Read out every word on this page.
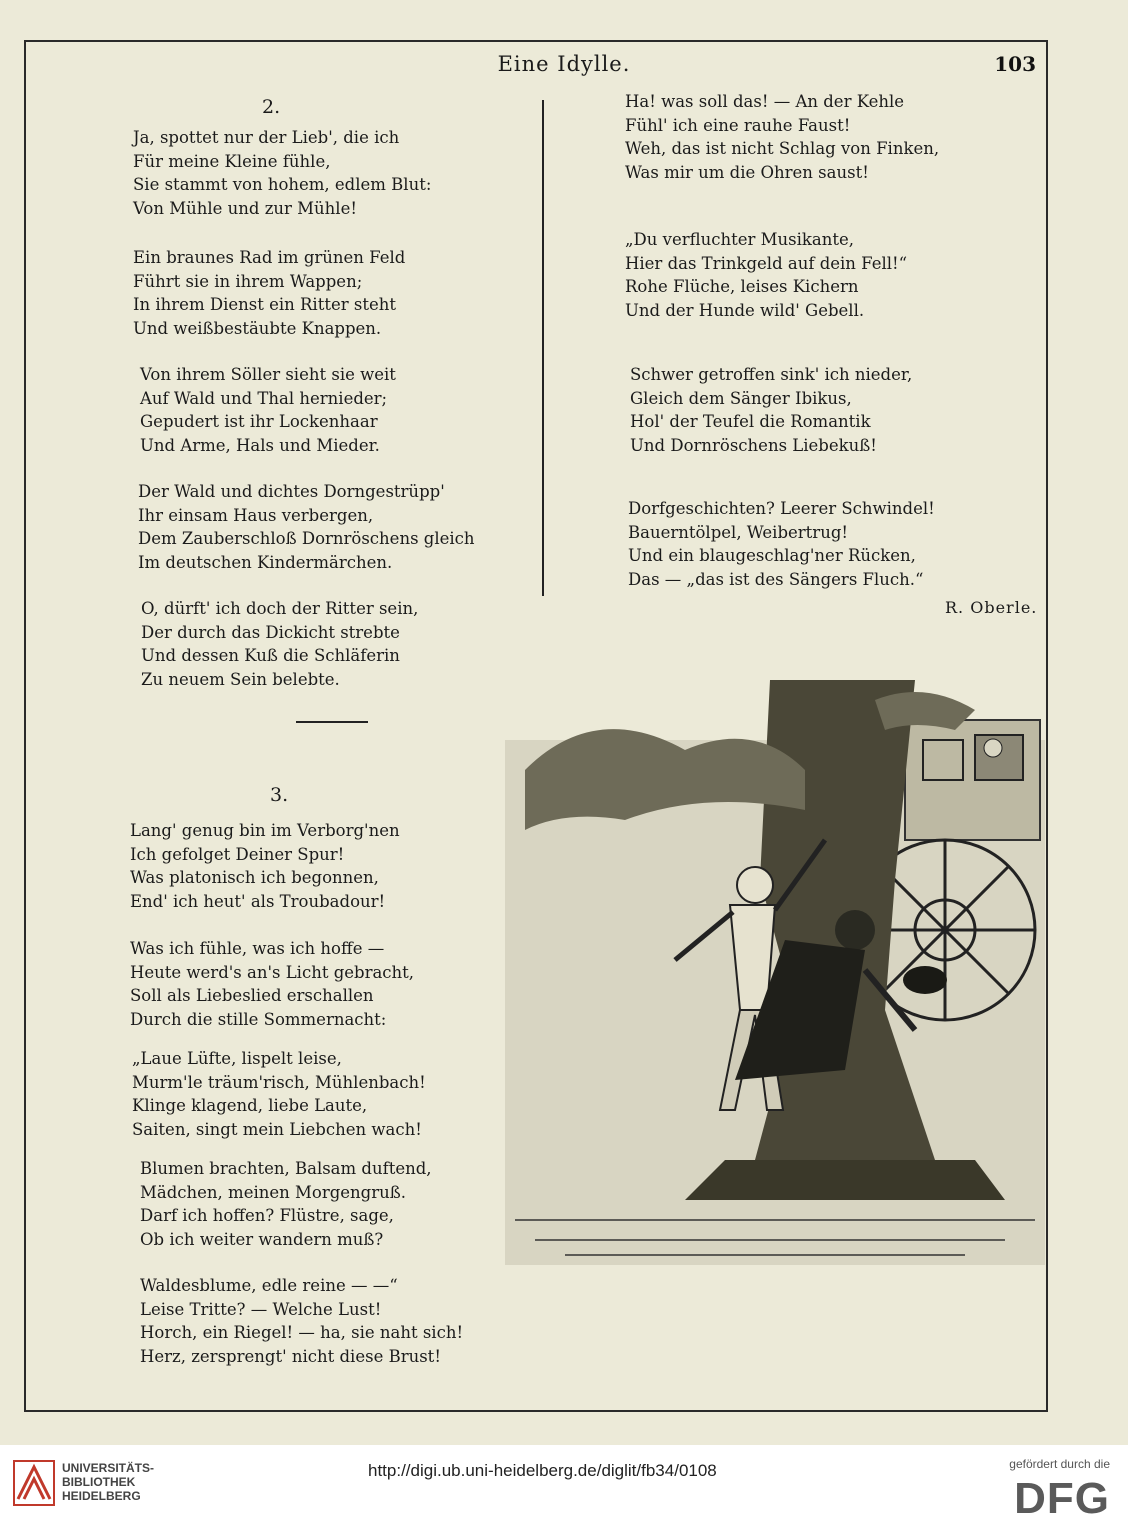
Eine Idylle.	103
2.
3.
Ja, spottet nur der Lieb', die ich
Für meine Kleine fühle,
Sie stammt von hohem, edlem Blut:
Von Mühle und zur Mühle!
Ein braunes Rad im grünen Feld
Führt sie in ihrem Wappen;
In ihrem Dienst ein Ritter steht
Und weißbestäubte Knappen.
Von ihrem Söller sieht sie weit
Auf Wald und Thal hernieder;
Gepudert ist ihr Lockenhaar
Und Arme, Hals und Mieder.
Der Wald und dichtes Dorngestrüpp'
Ihr einsam Haus verbergen,
Dem Zauberschloß Dornröschens gleich
Im deutschen Kindermärchen.
O, dürft' ich doch der Ritter sein,
Der durch das Dickicht strebte
Und dessen Kuß die Schläferin
Zu neuem Sein belebte.
Ha! was soll das! — An der Kehle
Fühl' ich eine rauhe Faust!
Weh, das ist nicht Schlag von Finken,
Was mir um die Ohren saust!
„Du verfluchter Musikante,
Hier das Trinkgeld auf dein Fell!“
Rohe Flüche, leises Kichern
Und der Hunde wild' Gebell.
Schwer getroffen sink' ich nieder,
Gleich dem Sänger Ibikus,
Hol' der Teufel die Romantik
Und Dornröschens Liebekuß!
Dorfgeschichten? Leerer Schwindel!
Bauerntölpel, Weibertrug!
Und ein blaugeschlag'ner Rücken,
Das — „das ist des Sängers Fluch.“
Lang' genug bin im Verborg'nen
Ich gefolget Deiner Spur!
Was platonisch ich begonnen,
End' ich heut' als Troubadour!
Was ich fühle, was ich hoffe —
Heute werd's an's Licht gebracht,
Soll als Liebeslied erschallen
Durch die stille Sommernacht:
„Laue Lüfte, lispelt leise,
Murm'le träum'risch, Mühlenbach!
Klinge klagend, liebe Laute,
Saiten, singt mein Liebchen wach!
Blumen brachten, Balsam duftend,
Mädchen, meinen Morgengruß.
Darf ich hoffen? Flüstre, sage,
Ob ich weiter wandern muß?
Waldesblume, edle reine — —“
Leise Tritte? — Welche Lust!
Horch, ein Riegel! — ha, sie naht sich!
Herz, zersprengt' nicht diese Brust!
R. Oberle.
UNIVERSITÄTS-
BIBLIOTHEK
HEIDELBERG
http://digi.ub.uni-heidelberg.de/diglit/fb34/0108	gefördert durch die
DFG
